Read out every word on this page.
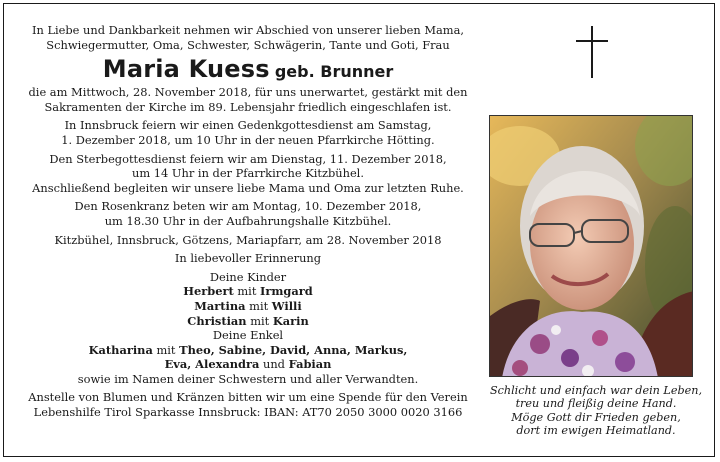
In Liebe und Dankbarkeit nehmen wir Abschied von unserer lieben Mama,
Schwiegermutter, Oma, Schwester, Schwägerin, Tante und Goti, Frau
Maria Kuess geb. Brunner
die am Mittwoch, 28. November 2018, für uns unerwartet, gestärkt mit den
Sakramenten der Kirche im 89. Lebensjahr friedlich eingeschlafen ist.
In Innsbruck feiern wir einen Gedenkgottesdienst am Samstag,
1. Dezember 2018, um 10 Uhr in der neuen Pfarrkirche Hötting.
Den Sterbegottesdienst feiern wir am Dienstag, 11. Dezember 2018,
um 14 Uhr in der Pfarrkirche Kitzbühel.
Anschließend begleiten wir unsere liebe Mama und Oma zur letzten Ruhe.
Den Rosenkranz beten wir am Montag, 10. Dezember 2018,
um 18.30 Uhr in der Aufbahrungshalle Kitzbühel.
Kitzbühel, Innsbruck, Götzens, Mariapfarr, am 28. November 2018
In liebevoller Erinnerung
Deine Kinder
Herbert mit Irmgard
Martina mit Willi
Christian mit Karin
Deine Enkel
Katharina mit Theo, Sabine, David, Anna, Markus,
Eva, Alexandra und Fabian
sowie im Namen deiner Schwestern und aller Verwandten.
Anstelle von Blumen und Kränzen bitten wir um eine Spende für den Verein
Lebenshilfe Tirol Sparkasse Innsbruck: IBAN: AT70 2050 3000 0020 3166
Schlicht und einfach war dein Leben,
treu und fleißig deine Hand.
Möge Gott dir Frieden geben,
dort im ewigen Heimatland.
